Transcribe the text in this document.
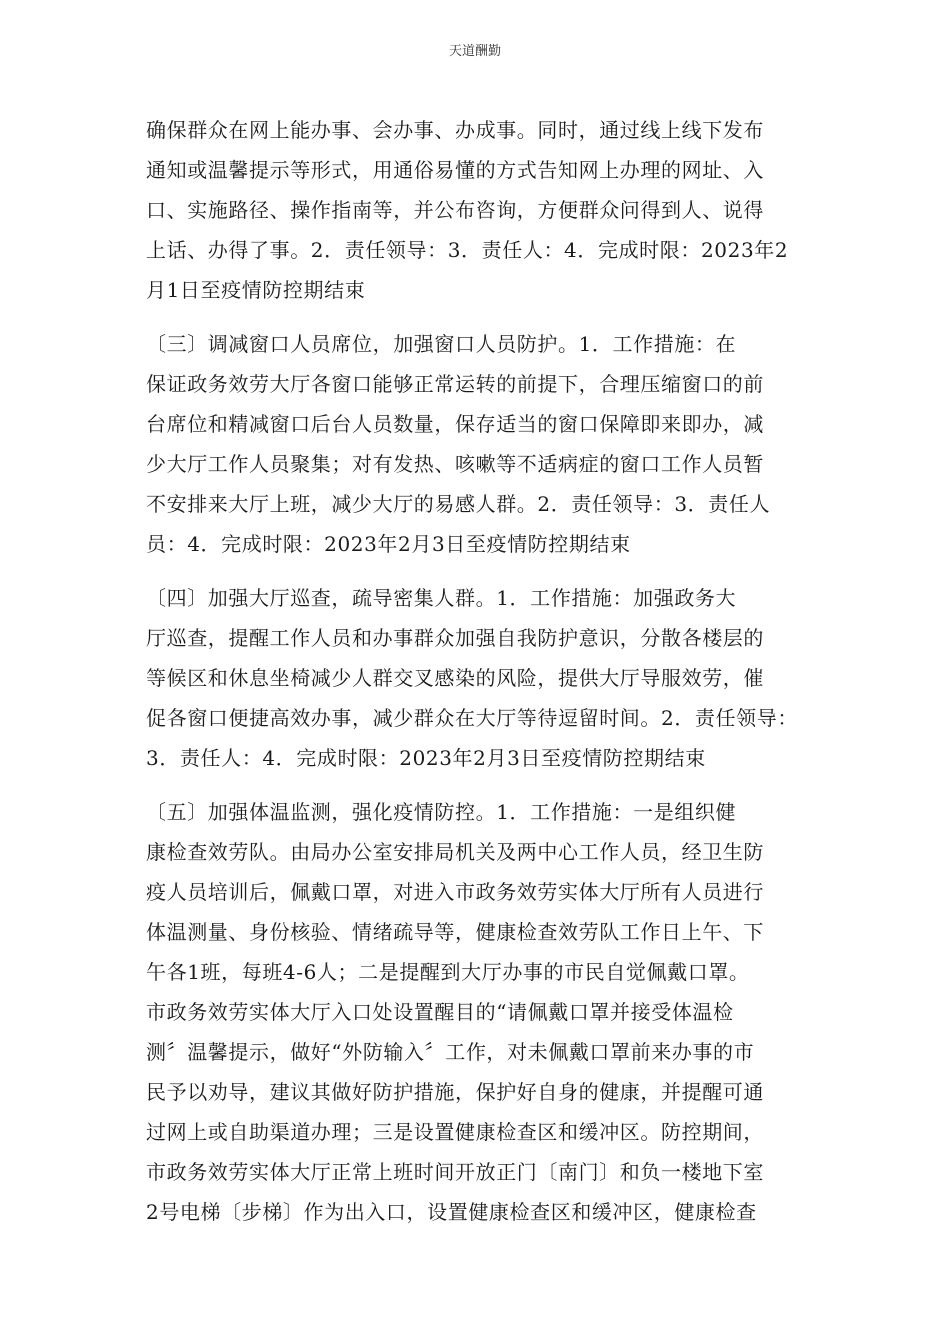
天道酬勤
确保群众在网上能办事、会办事、办成事。同时，通过线上线下发布
通知或温馨提示等形式，用通俗易懂的方式告知网上办理的网址、入
口、实施路径、操作指南等，并公布咨询，方便群众问得到人、说得
上话、办得了事。2．责任领导：3．责任人：4．完成时限：2023年2
月1日至疫情防控期结束
〔三〕调减窗口人员席位，加强窗口人员防护。1．工作措施：在
保证政务效劳大厅各窗口能够正常运转的前提下，合理压缩窗口的前
台席位和精减窗口后台人员数量，保存适当的窗口保障即来即办，减
少大厅工作人员聚集；对有发热、咳嗽等不适病症的窗口工作人员暂
不安排来大厅上班，减少大厅的易感人群。2．责任领导：3．责任人
员：4．完成时限：2023年2月3日至疫情防控期结束
〔四〕加强大厅巡查，疏导密集人群。1．工作措施：加强政务大
厅巡查，提醒工作人员和办事群众加强自我防护意识，分散各楼层的
等候区和休息坐椅减少人群交叉感染的风险，提供大厅导服效劳，催
促各窗口便捷高效办事，减少群众在大厅等待逗留时间。2．责任领导：
3．责任人：4．完成时限：2023年2月3日至疫情防控期结束
〔五〕加强体温监测，强化疫情防控。1．工作措施：一是组织健
康检查效劳队。由局办公室安排局机关及两中心工作人员，经卫生防
疫人员培训后，佩戴口罩，对进入市政务效劳实体大厅所有人员进行
体温测量、身份核验、情绪疏导等，健康检查效劳队工作日上午、下
午各1班，每班4-6人；二是提醒到大厅办事的市民自觉佩戴口罩。
市政务效劳实体大厅入口处设置醒目的“请佩戴口罩并接受体温检
测〞温馨提示，做好“外防输入〞工作，对未佩戴口罩前来办事的市
民予以劝导，建议其做好防护措施，保护好自身的健康，并提醒可通
过网上或自助渠道办理；三是设置健康检查区和缓冲区。防控期间，
市政务效劳实体大厅正常上班时间开放正门〔南门〕和负一楼地下室
2号电梯〔步梯〕作为出入口，设置健康检查区和缓冲区，健康检查
